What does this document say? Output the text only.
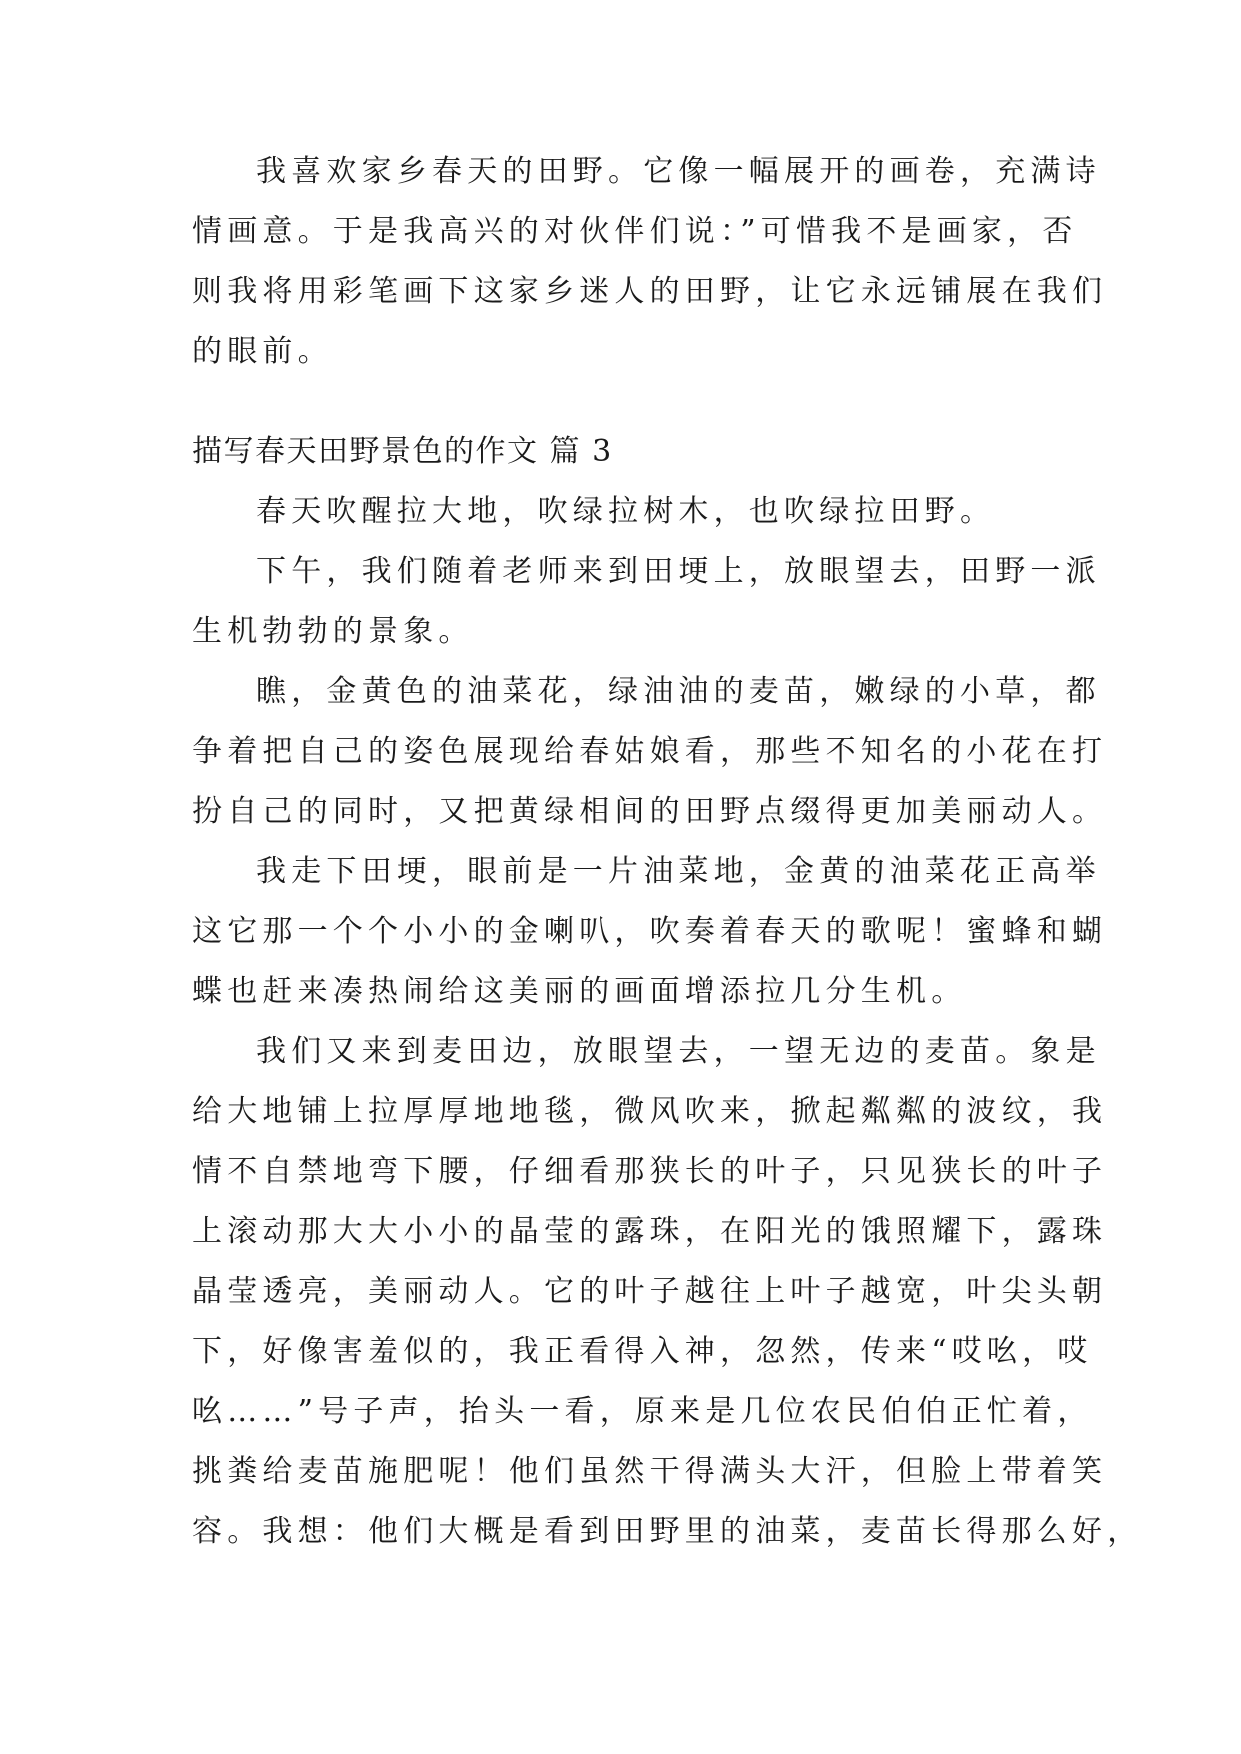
我喜欢家乡春天的田野。它像一幅展开的画卷，充满诗
情画意。于是我高兴的对伙伴们说：”可惜我不是画家，否
则我将用彩笔画下这家乡迷人的田野，让它永远铺展在我们
的眼前。
描写春天田野景色的作文 篇 3
春天吹醒拉大地，吹绿拉树木，也吹绿拉田野。
下午，我们随着老师来到田埂上，放眼望去，田野一派
生机勃勃的景象。
瞧，金黄色的油菜花，绿油油的麦苗，嫩绿的小草，都
争着把自己的姿色展现给春姑娘看，那些不知名的小花在打
扮自己的同时，又把黄绿相间的田野点缀得更加美丽动人。
我走下田埂，眼前是一片油菜地，金黄的油菜花正高举
这它那一个个小小的金喇叭，吹奏着春天的歌呢！蜜蜂和蝴
蝶也赶来凑热闹给这美丽的画面增添拉几分生机。
我们又来到麦田边，放眼望去，一望无边的麦苗。象是
给大地铺上拉厚厚地地毯，微风吹来，掀起粼粼的波纹，我
情不自禁地弯下腰，仔细看那狭长的叶子，只见狭长的叶子
上滚动那大大小小的晶莹的露珠，在阳光的饿照耀下，露珠
晶莹透亮，美丽动人。它的叶子越往上叶子越宽，叶尖头朝
下，好像害羞似的，我正看得入神，忽然，传来“哎吆，哎
吆……”号子声，抬头一看，原来是几位农民伯伯正忙着，
挑粪给麦苗施肥呢！他们虽然干得满头大汗，但脸上带着笑
容。我想：他们大概是看到田野里的油菜，麦苗长得那么好，
